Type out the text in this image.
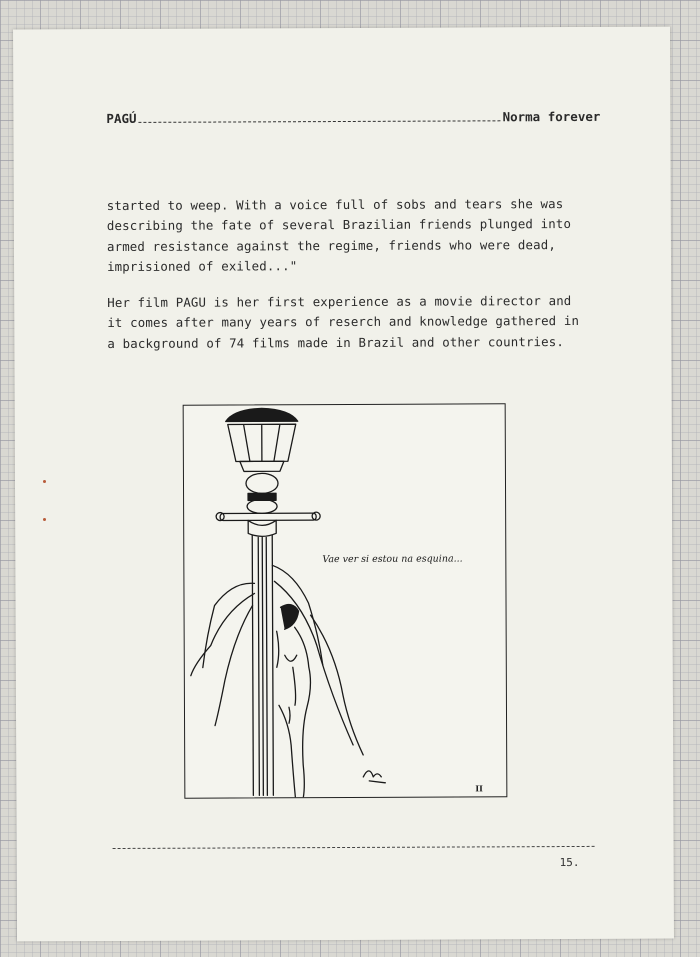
PAGÚ	Norma forever
started to weep. With a voice full of sobs and tears she was
describing the fate of several Brazilian friends plunged into
armed resistance against the regime, friends who were dead,
imprisioned of exiled..."
Her film PAGU is her first experience as a movie director and
it comes after many years of reserch and knowledge gathered in
a background of 74 films made in Brazil and other countries.
Vae ver si estou na esquina...
II
15.
